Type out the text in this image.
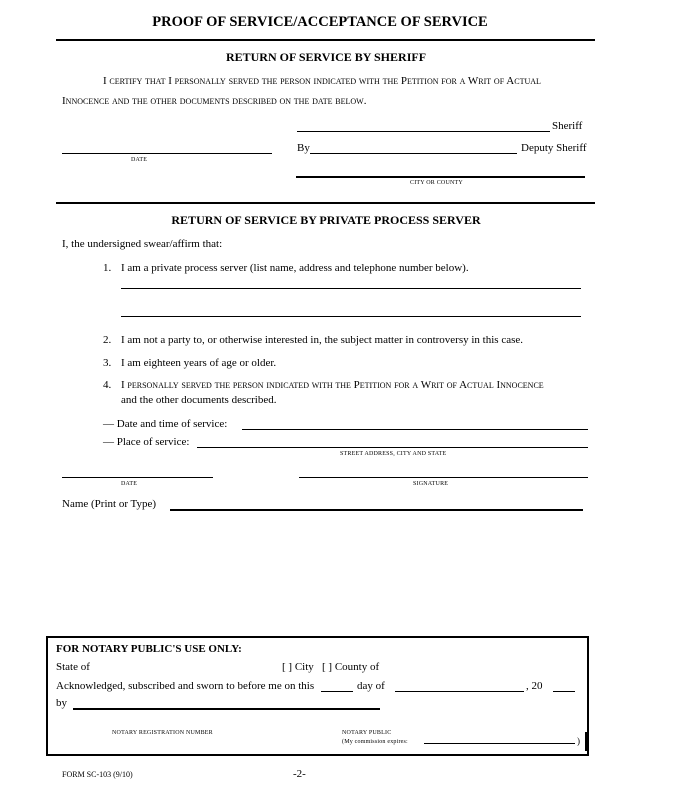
PROOF OF SERVICE/ACCEPTANCE OF SERVICE
RETURN OF SERVICE BY SHERIFF
I certify that I personally served the person indicated with the Petition for a Writ of Actual
Innocence and the other documents described on the date below.
Sheriff
By	Deputy Sheriff
DATE
CITY OR COUNTY
RETURN OF SERVICE BY PRIVATE PROCESS SERVER
I, the undersigned swear/affirm that:
1. I am a private process server (list name, address and telephone number below).
2. I am not a party to, or otherwise interested in, the subject matter in controversy in this case.
3. I am eighteen years of age or older.
4. I personally served the person indicated with the Petition for a Writ of Actual Innocence
and the other documents described.
— Date and time of service:
— Place of service:
STREET ADDRESS, CITY AND STATE
DATE	SIGNATURE
Name (Print or Type)
FOR NOTARY PUBLIC'S USE ONLY:
State of	[ ] City [ ] County of
Acknowledged, subscribed and sworn to before me on this	day of	, 20
by
NOTARY REGISTRATION NUMBER	NOTARY PUBLIC
(My commission expires:	)
FORM SC-103 (9/10)	-2-
